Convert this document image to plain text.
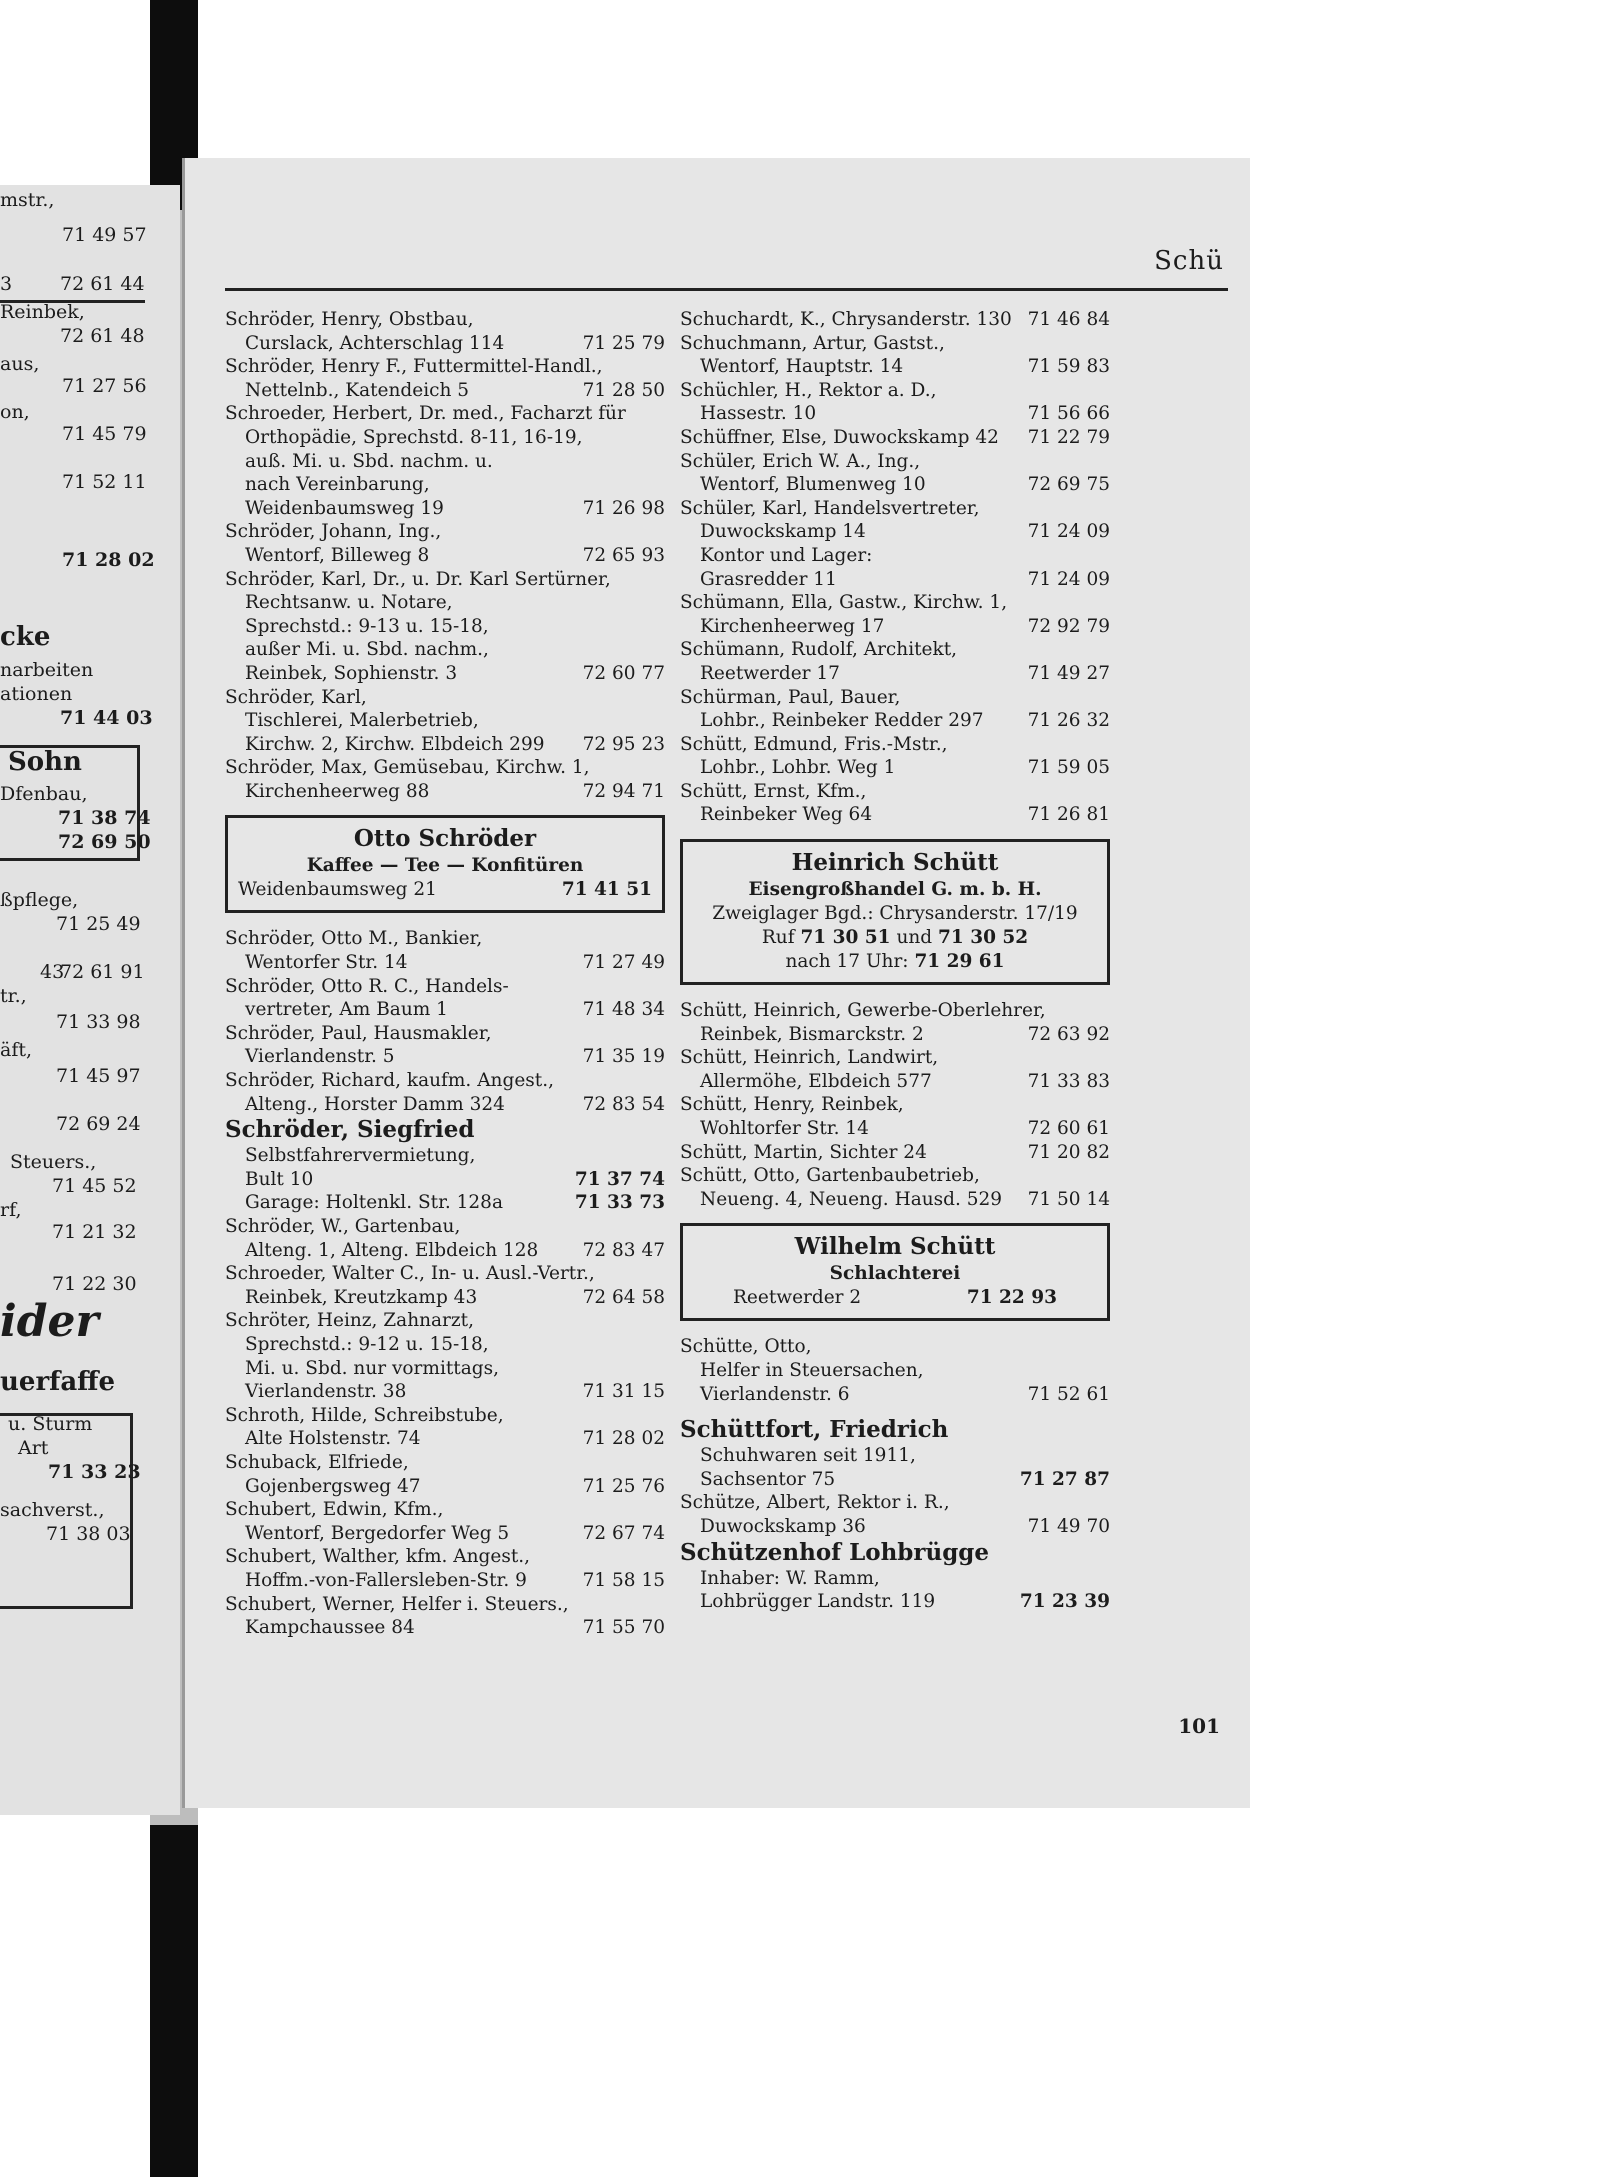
mstr.,
71 49 57
3	72 61 44
Reinbek,
72 61 48
aus,
71 27 56
on,
71 45 79
71 52 11
71 28 02
cke
narbeiten
ationen
71 44 03
Sohn
Dfenbau,
71 38 74
72 69 50
ßpflege,
71 25 49
43
72 61 91
tr.,
71 33 98
äft,
71 45 97
72 69 24
Steuers.,
71 45 52
rf,
71 21 32
71 22 30
ider
uerfaffe
u. Sturm
Art
71 33 23
sachverst.,
71 38 03
Schü
Schröder, Henry, Obstbau,
Curslack, Achterschlag 114	71 25 79
Schröder, Henry F., Futtermittel-Handl.,
Nettelnb., Katendeich 5	71 28 50
Schroeder, Herbert, Dr. med., Facharzt für
Orthopädie, Sprechstd. 8-11, 16-19,
auß. Mi. u. Sbd. nachm. u.
nach Vereinbarung,
Weidenbaumsweg 19	71 26 98
Schröder, Johann, Ing.,
Wentorf, Billeweg 8	72 65 93
Schröder, Karl, Dr., u. Dr. Karl Sertürner,
Rechtsanw. u. Notare,
Sprechstd.: 9-13 u. 15-18,
außer Mi. u. Sbd. nachm.,
Reinbek, Sophienstr. 3	72 60 77
Schröder, Karl,
Tischlerei, Malerbetrieb,
Kirchw. 2, Kirchw. Elbdeich 299	72 95 23
Schröder, Max, Gemüsebau, Kirchw. 1,
Kirchenheerweg 88	72 94 71
Otto Schröder
Kaffee — Tee — Konfitüren
Weidenbaumsweg 21	71 41 51
Schröder, Otto M., Bankier,
Wentorfer Str. 14	71 27 49
Schröder, Otto R. C., Handels-
vertreter, Am Baum 1	71 48 34
Schröder, Paul, Hausmakler,
Vierlandenstr. 5	71 35 19
Schröder, Richard, kaufm. Angest.,
Alteng., Horster Damm 324	72 83 54
Schröder, Siegfried
Selbstfahrervermietung,
Bult 10	71 37 74
Garage: Holtenkl. Str. 128a	71 33 73
Schröder, W., Gartenbau,
Alteng. 1, Alteng. Elbdeich 128	72 83 47
Schroeder, Walter C., In- u. Ausl.-Vertr.,
Reinbek, Kreutzkamp 43	72 64 58
Schröter, Heinz, Zahnarzt,
Sprechstd.: 9-12 u. 15-18,
Mi. u. Sbd. nur vormittags,
Vierlandenstr. 38	71 31 15
Schroth, Hilde, Schreibstube,
Alte Holstenstr. 74	71 28 02
Schuback, Elfriede,
Gojenbergsweg 47	71 25 76
Schubert, Edwin, Kfm.,
Wentorf, Bergedorfer Weg 5	72 67 74
Schubert, Walther, kfm. Angest.,
Hoffm.-von-Fallersleben-Str. 9	71 58 15
Schubert, Werner, Helfer i. Steuers.,
Kampchaussee 84	71 55 70
Schuchardt, K., Chrysanderstr. 130 71 46 84
Schuchmann, Artur, Gastst.,
Wentorf, Hauptstr. 14	71 59 83
Schüchler, H., Rektor a. D.,
Hassestr. 10	71 56 66
Schüffner, Else, Duwockskamp 42	71 22 79
Schüler, Erich W. A., Ing.,
Wentorf, Blumenweg 10	72 69 75
Schüler, Karl, Handelsvertreter,
Duwockskamp 14	71 24 09
Kontor und Lager:
Grasredder 11	71 24 09
Schümann, Ella, Gastw., Kirchw. 1,
Kirchenheerweg 17	72 92 79
Schümann, Rudolf, Architekt,
Reetwerder 17	71 49 27
Schürman, Paul, Bauer,
Lohbr., Reinbeker Redder 297	71 26 32
Schütt, Edmund, Fris.-Mstr.,
Lohbr., Lohbr. Weg 1	71 59 05
Schütt, Ernst, Kfm.,
Reinbeker Weg 64	71 26 81
Heinrich Schütt
Eisengroßhandel G. m. b. H.
Zweiglager Bgd.: Chrysanderstr. 17/19
Ruf 71 30 51 und 71 30 52
nach 17 Uhr: 71 29 61
Schütt, Heinrich, Gewerbe-Oberlehrer,
Reinbek, Bismarckstr. 2	72 63 92
Schütt, Heinrich, Landwirt,
Allermöhe, Elbdeich 577	71 33 83
Schütt, Henry, Reinbek,
Wohltorfer Str. 14	72 60 61
Schütt, Martin, Sichter 24	71 20 82
Schütt, Otto, Gartenbaubetrieb,
Neueng. 4, Neueng. Hausd. 529	71 50 14
Wilhelm Schütt
Schlachterei
Reetwerder 2	71 22 93
Schütte, Otto,
Helfer in Steuersachen,
Vierlandenstr. 6	71 52 61
Schüttfort, Friedrich
Schuhwaren seit 1911,
Sachsentor 75	71 27 87
Schütze, Albert, Rektor i. R.,
Duwockskamp 36	71 49 70
Schützenhof Lohbrügge
Inhaber: W. Ramm,
Lohbrügger Landstr. 119	71 23 39
101
